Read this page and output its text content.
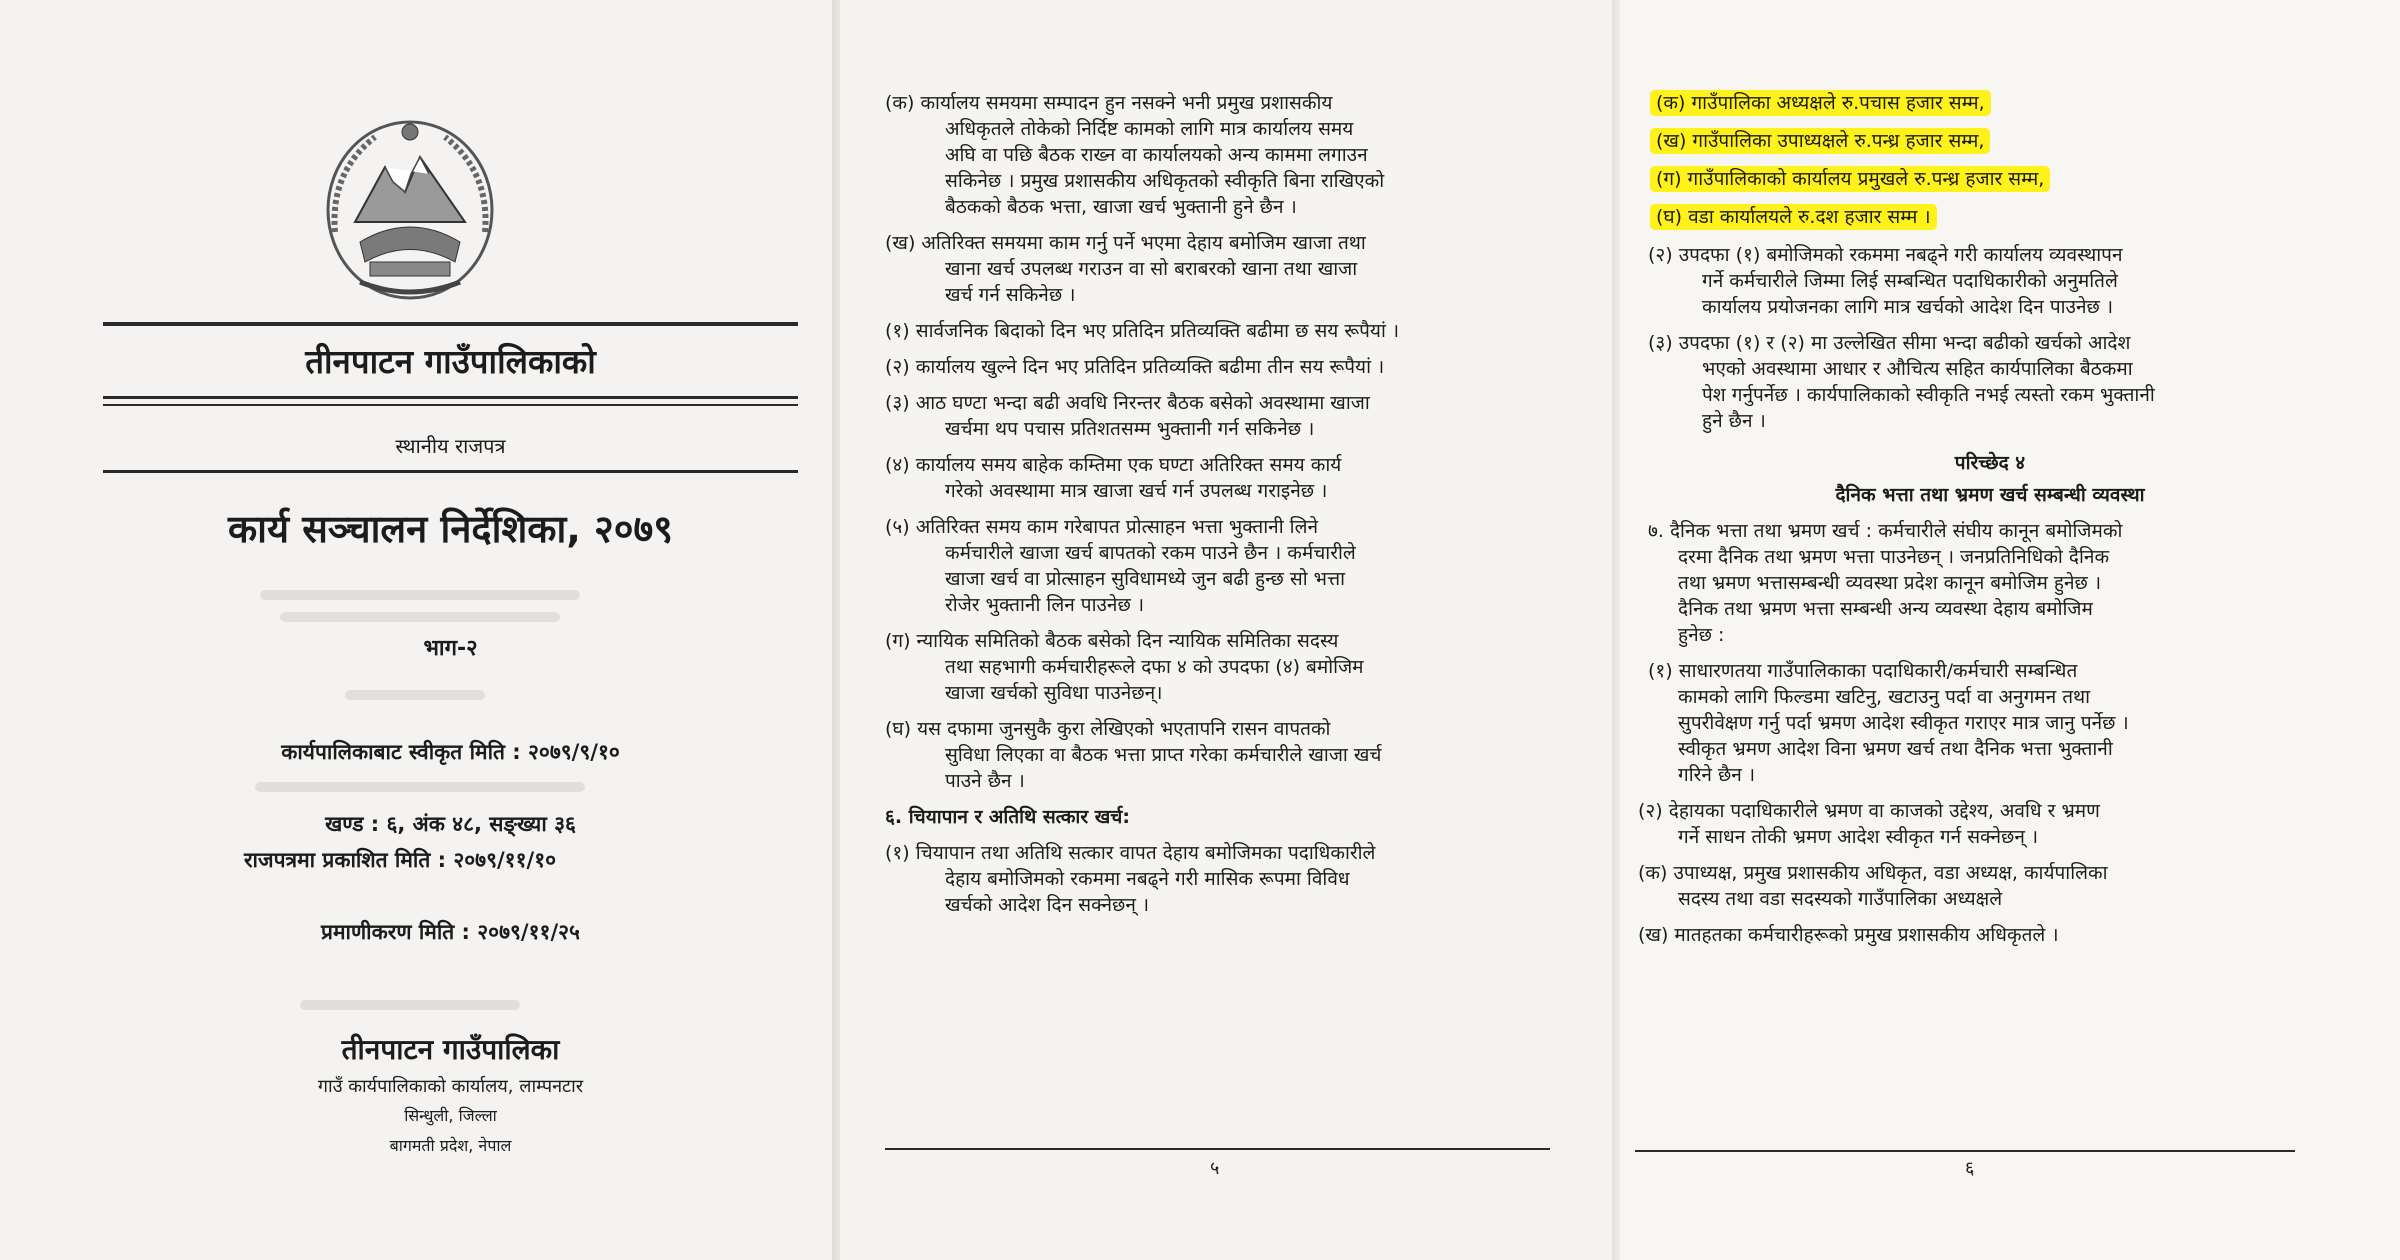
तीनपाटन गाउँपालिकाको
स्थानीय राजपत्र
कार्य सञ्चालन निर्देशिका, २०७९
भाग-२
कार्यपालिकाबाट स्वीकृत मिति : २०७९/९/१०
खण्ड : ६, अंक ४८, सङ्ख्या ३६
राजपत्रमा प्रकाशित मिति : २०७९/११/१०
प्रमाणीकरण मिति : २०७९/११/२५
तीनपाटन गाउँपालिका
गाउँ कार्यपालिकाको कार्यालय, लाम्पनटार
सिन्धुली, जिल्ला
बागमती प्रदेश, नेपाल
(क) कार्यालय समयमा सम्पादन हुन नसक्ने भनी प्रमुख प्रशासकीय
अधिकृतले तोकेको निर्दिष्ट कामको लागि मात्र कार्यालय समय
अघि वा पछि बैठक राख्न वा कार्यालयको अन्य काममा लगाउन
सकिनेछ । प्रमुख प्रशासकीय अधिकृतको स्वीकृति बिना राखिएको
बैठकको बैठक भत्ता, खाजा खर्च भुक्तानी हुने छैन ।
(ख) अतिरिक्त समयमा काम गर्नु पर्ने भएमा देहाय बमोजिम खाजा तथा
खाना खर्च उपलब्ध गराउन वा सो बराबरको खाना तथा खाजा
खर्च गर्न सकिनेछ ।
(१) सार्वजनिक बिदाको दिन भए प्रतिदिन प्रतिव्यक्ति बढीमा छ सय रूपैयां ।
(२) कार्यालय खुल्ने दिन भए प्रतिदिन प्रतिव्यक्ति बढीमा तीन सय रूपैयां ।
(३) आठ घण्टा भन्दा बढी अवधि निरन्तर बैठक बसेको अवस्थामा खाजा
खर्चमा थप पचास प्रतिशतसम्म भुक्तानी गर्न सकिनेछ ।
(४) कार्यालय समय बाहेक कम्तिमा एक घण्टा अतिरिक्त समय कार्य
गरेको अवस्थामा मात्र खाजा खर्च गर्न उपलब्ध गराइनेछ ।
(५) अतिरिक्त समय काम गरेबापत प्रोत्साहन भत्ता भुक्तानी लिने
कर्मचारीले खाजा खर्च बापतको रकम पाउने छैन । कर्मचारीले
खाजा खर्च वा प्रोत्साहन सुविधामध्ये जुन बढी हुन्छ सो भत्ता
रोजेर भुक्तानी लिन पाउनेछ ।
(ग) न्यायिक समितिको बैठक बसेको दिन न्यायिक समितिका सदस्य
तथा सहभागी कर्मचारीहरूले दफा ४ को उपदफा (४) बमोजिम
खाजा खर्चको सुविधा पाउनेछन्।
(घ) यस दफामा जुनसुकै कुरा लेखिएको भएतापनि रासन वापतको
सुविधा लिएका वा बैठक भत्ता प्राप्त गरेका कर्मचारीले खाजा खर्च
पाउने छैन ।
६. चियापान र अतिथि सत्कार खर्च:
(१) चियापान तथा अतिथि सत्कार वापत देहाय बमोजिमका पदाधिकारीले
देहाय बमोजिमको रकममा नबढ्ने गरी मासिक रूपमा विविध
खर्चको आदेश दिन सक्नेछन् ।
५
(क) गाउँपालिका अध्यक्षले रु.पचास हजार सम्म,
(ख) गाउँपालिका उपाध्यक्षले रु.पन्ध्र हजार सम्म,
(ग) गाउँपालिकाको कार्यालय प्रमुखले रु.पन्ध्र हजार सम्म,
(घ) वडा कार्यालयले रु.दश हजार सम्म ।
(२) उपदफा (१) बमोजिमको रकममा नबढ्ने गरी कार्यालय व्यवस्थापन
गर्ने कर्मचारीले जिम्मा लिई सम्बन्धित पदाधिकारीको अनुमतिले
कार्यालय प्रयोजनका लागि मात्र खर्चको आदेश दिन पाउनेछ ।
(३) उपदफा (१) र (२) मा उल्लेखित सीमा भन्दा बढीको खर्चको आदेश
भएको अवस्थामा आधार र औचित्य सहित कार्यपालिका बैठकमा
पेश गर्नुपर्नेछ । कार्यपालिकाको स्वीकृति नभई त्यस्तो रकम भुक्तानी
हुने छैन ।
परिच्छेद ४
दैनिक भत्ता तथा भ्रमण खर्च सम्बन्धी व्यवस्था
७. दैनिक भत्ता तथा भ्रमण खर्च : कर्मचारीले संघीय कानून बमोजिमको
दरमा दैनिक तथा भ्रमण भत्ता पाउनेछन् । जनप्रतिनिधिको दैनिक
तथा भ्रमण भत्तासम्बन्धी व्यवस्था प्रदेश कानून बमोजिम हुनेछ ।
दैनिक तथा भ्रमण भत्ता सम्बन्धी अन्य व्यवस्था देहाय बमोजिम
हुनेछ :
(१) साधारणतया गाउँपालिकाका पदाधिकारी/कर्मचारी सम्बन्धित
कामको लागि फिल्डमा खटिनु, खटाउनु पर्दा वा अनुगमन तथा
सुपरीवेक्षण गर्नु पर्दा भ्रमण आदेश स्वीकृत गराएर मात्र जानु पर्नेछ ।
स्वीकृत भ्रमण आदेश विना भ्रमण खर्च तथा दैनिक भत्ता भुक्तानी
गरिने छैन ।
(२) देहायका पदाधिकारीले भ्रमण वा काजको उद्देश्य, अवधि र भ्रमण
गर्ने साधन तोकी भ्रमण आदेश स्वीकृत गर्न सक्नेछन् ।
(क) उपाध्यक्ष, प्रमुख प्रशासकीय अधिकृत, वडा अध्यक्ष, कार्यपालिका
सदस्य तथा वडा सदस्यको गाउँपालिका अध्यक्षले
(ख) मातहतका कर्मचारीहरूको प्रमुख प्रशासकीय अधिकृतले ।
६
